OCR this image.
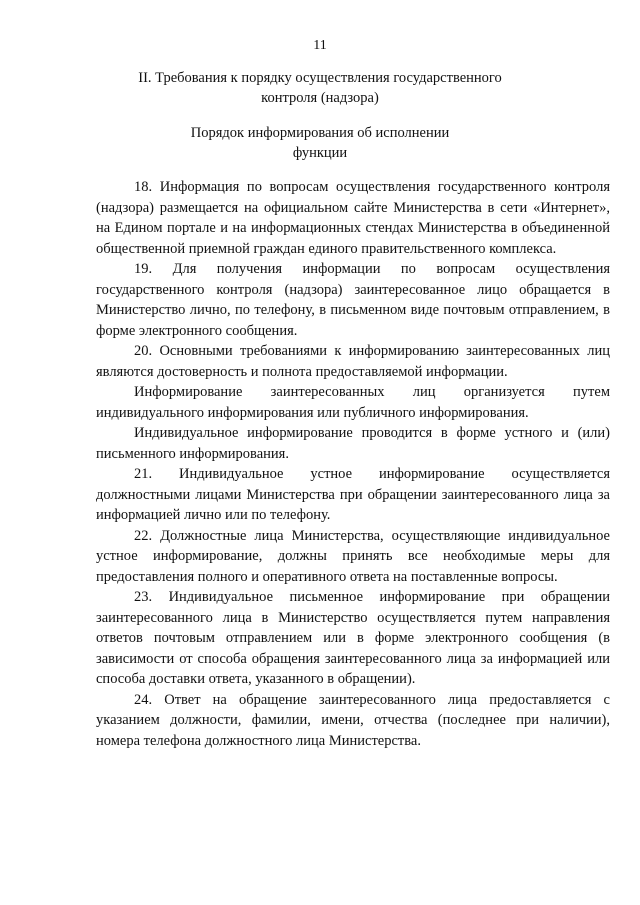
11
II. Требования к порядку осуществления государственного
контроля (надзора)
Порядок информирования об исполнении
функции

18. Информация по вопросам осуществления государственного контроля (надзора) размещается на официальном сайте Министерства в сети «Интернет», на Едином портале и на информационных стендах Министерства в объединенной общественной приемной граждан единого правительственного комплекса.

19. Для получения информации по вопросам осуществления государственного контроля (надзора) заинтересованное лицо обращается в Министерство лично, по телефону, в письменном виде почтовым отправлением, в форме электронного сообщения.

20. Основными требованиями к информированию заинтересованных лиц являются достоверность и полнота предоставляемой информации.

Информирование заинтересованных лиц организуется путем индивидуального информирования или публичного информирования.

Индивидуальное информирование проводится в форме устного и (или) письменного информирования.

21. Индивидуальное устное информирование осуществляется должностными лицами Министерства при обращении заинтересованного лица за информацией лично или по телефону.

22. Должностные лица Министерства, осуществляющие индивидуальное устное информирование, должны принять все необходимые меры для предоставления полного и оперативного ответа на поставленные вопросы.

23. Индивидуальное письменное информирование при обращении заинтересованного лица в Министерство осуществляется путем направления ответов почтовым отправлением или в форме электронного сообщения (в зависимости от способа обращения заинтересованного лица за информацией или способа доставки ответа, указанного в обращении).

24. Ответ на обращение заинтересованного лица предоставляется с указанием должности, фамилии, имени, отчества (последнее при наличии), номера телефона должностного лица Министерства.
